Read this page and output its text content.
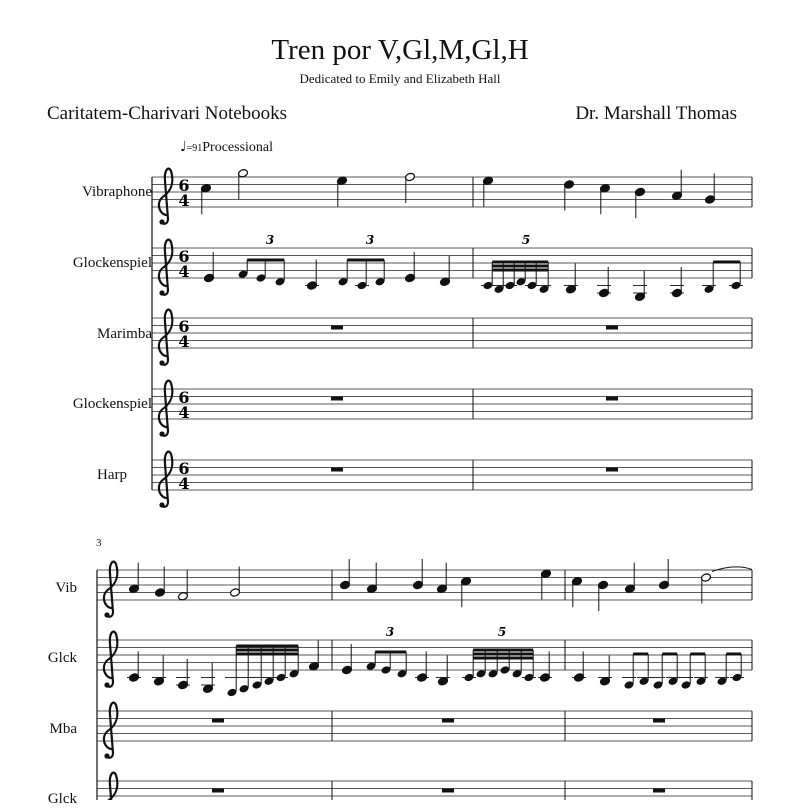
Tren por V,Gl,M,Gl,H
Dedicated to Emily and Elizabeth Hall
Caritatem-Charivari Notebooks	Dr. Marshall Thomas
♩=91Processional
3
Vibraphone
Glockenspiel
Marimba
Glockenspiel
Harp
Vib
Glck
Mba
Glck
6
4
6
4
6
4
6
4
6
4
3	3	5
3	5
